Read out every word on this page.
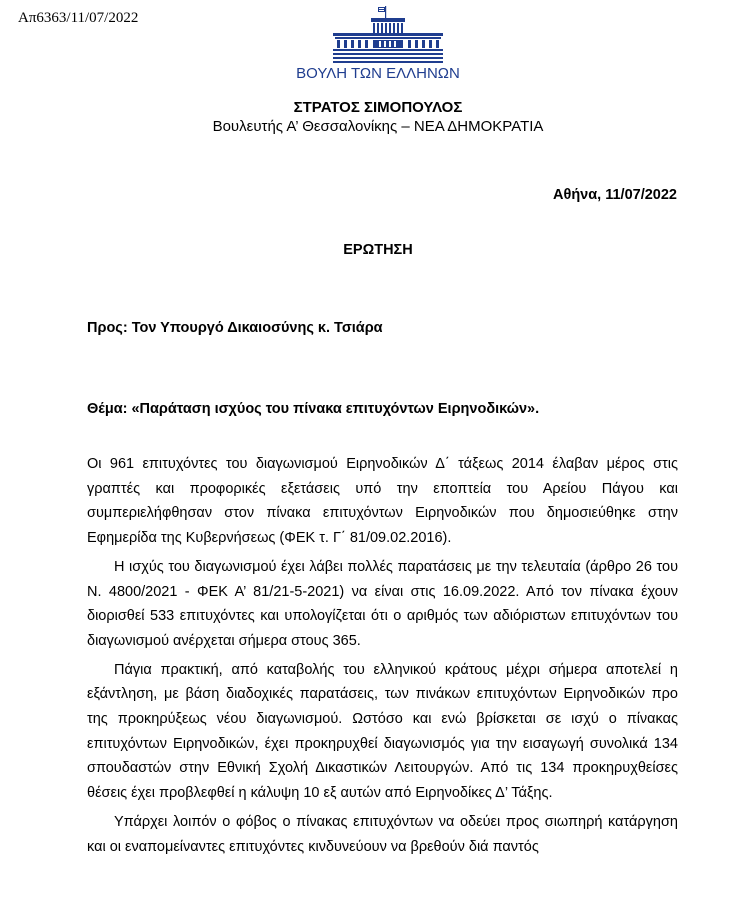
Απ6363/11/07/2022
ΒΟΥΛΗ ΤΩΝ ΕΛΛΗΝΩΝ
ΣΤΡΑΤΟΣ ΣΙΜΟΠΟΥΛΟΣ
Βουλευτής Α’ Θεσσαλονίκης – ΝΕΑ ΔΗΜΟΚΡΑΤΙΑ
Αθήνα, 11/07/2022
ΕΡΩΤΗΣΗ
Προς: Τον Υπουργό Δικαιοσύνης κ. Τσιάρα
Θέμα: «Παράταση ισχύος του πίνακα επιτυχόντων Ειρηνοδικών».

Οι 961 επιτυχόντες του διαγωνισμού Ειρηνοδικών Δ΄ τάξεως 2014 έλαβαν μέρος στις γραπτές και προφορικές εξετάσεις υπό την εποπτεία του Αρείου Πάγου και συμπεριελήφθησαν στον πίνακα επιτυχόντων Ειρηνοδικών που δημοσιεύθηκε στην Εφημερίδα της Κυβερνήσεως (ΦΕΚ τ. Γ΄ 81/09.02.2016).

Η ισχύς του διαγωνισμού έχει λάβει πολλές παρατάσεις με την τελευταία (άρθρο 26 του Ν. 4800/2021 - ΦΕΚ Α’ 81/21-5-2021) να είναι στις 16.09.2022. Από τον πίνακα έχουν διορισθεί 533 επιτυχόντες και υπολογίζεται ότι ο αριθμός των αδιόριστων επιτυχόντων του διαγωνισμού ανέρχεται σήμερα στους 365.

Πάγια πρακτική, από καταβολής του ελληνικού κράτους μέχρι σήμερα αποτελεί η εξάντληση, με βάση διαδοχικές παρατάσεις, των πινάκων επιτυχόντων Ειρηνοδικών προ της προκηρύξεως νέου διαγωνισμού. Ωστόσο και ενώ βρίσκεται σε ισχύ ο πίνακας επιτυχόντων Ειρηνοδικών, έχει προκηρυχθεί διαγωνισμός για την εισαγωγή συνολικά 134 σπουδαστών στην Εθνική Σχολή Δικαστικών Λειτουργών. Από τις 134 προκηρυχθείσες θέσεις έχει προβλεφθεί η κάλυψη 10 εξ αυτών από Ειρηνοδίκες Δ’ Τάξης.

Υπάρχει λοιπόν ο φόβος ο πίνακας επιτυχόντων να οδεύει προς σιωπηρή κατάργηση και οι εναπομείναντες επιτυχόντες κινδυνεύουν να βρεθούν διά παντός
